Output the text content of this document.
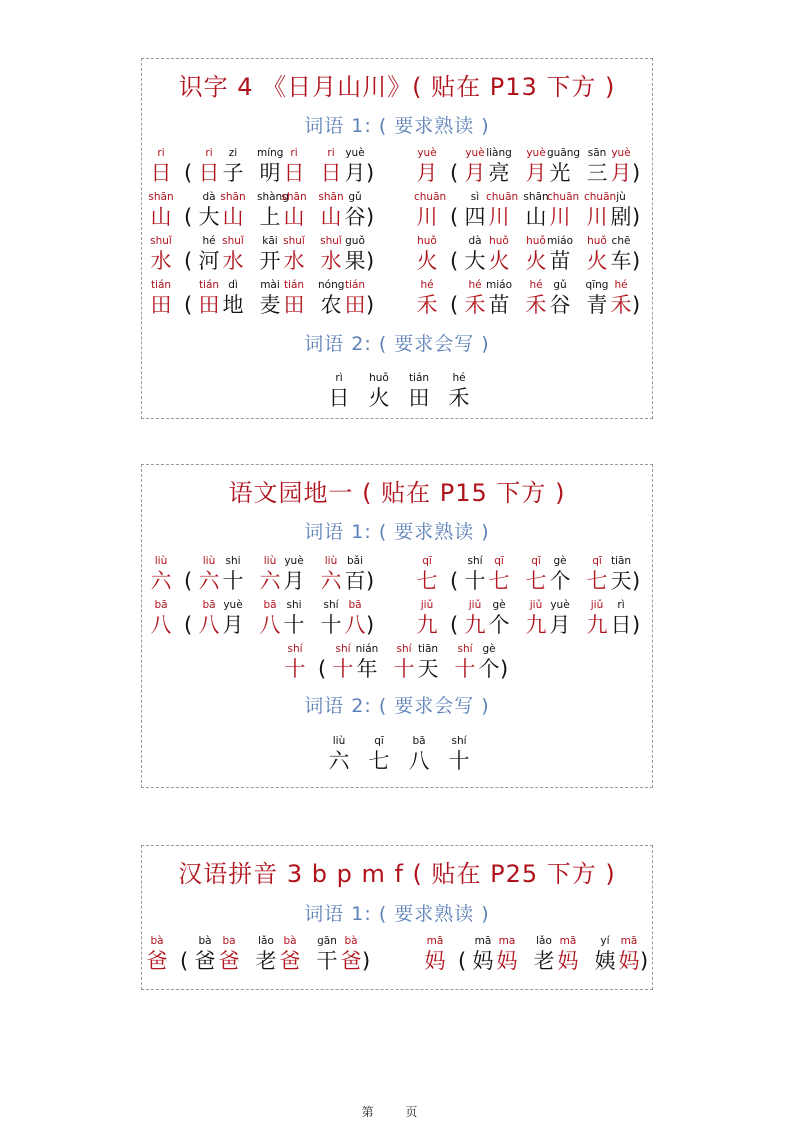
识字 4 《日月山川》( 贴在 P13 下方 )
词语 1: ( 要求熟读 )
ri
日 (
ri
日
zi
子
míng
明
ri
日
ri
日
yuè
月 )
yuè
月 (
yuè
月
liàng
亮
yuè
月
guāng
光
sān
三
yuè
月 )
shān
山 (
dà
大
shān
山
shàng
上
shān
山
shān
山
gǔ
谷 )
chuān
川 (
sì
四
chuān
川
shān
山
chuān
川
chuān
川
jù
剧 )
shuǐ
水 (
hé
河
shuǐ
水
kāi
开
shuǐ
水
shuǐ
水
guǒ
果 )
huǒ
火 (
dà
大
huǒ
火
huǒ
火
miáo
苗
huǒ
火
chē
车 )
tián
田 (
tián
田
dì
地
mài
麦
tián
田
nóng
农
tián
田 )
hé
禾 (
hé
禾
miáo
苗
hé
禾
gǔ
谷
qīng
青
hé
禾 )
词语 2: ( 要求会写 )
rì
日
huǒ
火
tián
田
hé
禾
语文园地一 ( 贴在 P15 下方 )
词语 1: ( 要求熟读 )
liù
六 (
liù
六
shi
十
liù
六
yuè
月
liù
六
bǎi
百 )
qī
七 (
shí
十
qī
七
qī
七
gè
个
qī
七
tiān
天 )
bā
八 (
bā
八
yuè
月
bā
八
shi
十
shí
十
bā
八 )
jiǔ
九 (
jiǔ
九
gè
个
jiǔ
九
yuè
月
jiǔ
九
rì
日 )
shí
十 (
shí
十
nián
年
shí
十
tiān
天
shí
十
gè
个 )
词语 2: ( 要求会写 )
liù
六
qī
七
bā
八
shí
十
汉语拼音 3 b p m f ( 贴在 P25 下方 )
词语 1: ( 要求熟读 )
bà
爸 (
bà
爸
ba
爸
lǎo
老
bà
爸
gān
干
bà
爸 )
mā
妈 (
mā
妈
ma
妈
lǎo
老
mā
妈
yí
姨
mā
妈 )
第 页
